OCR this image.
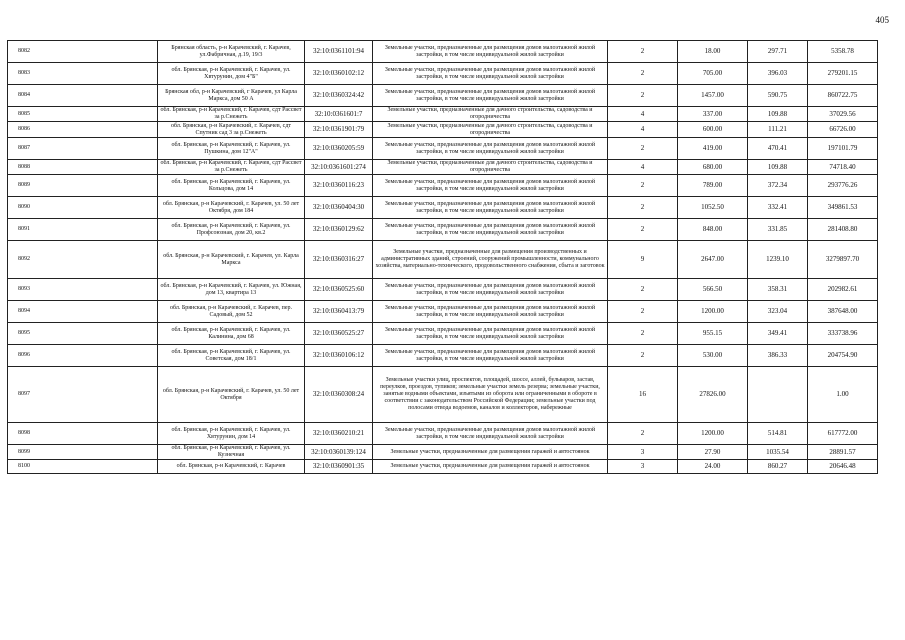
405
8082	Брянская область, р-н Карачевский, г. Карачев, ул.Фабричная, д.19, 19/3	32:10:0361101:94	Земельные участки, предназначенные для размещения домов малоэтажной жилой застройки, в том числе индивидуальной жилой застройки	2	18.00	297.71	5358.78
8083	обл. Брянская, р-н Карачевский, г. Карачев, ул. Хвтурунин, дом 4"Б"	32:10:0360102:12	Земельные участки, предназначенные для размещения домов малоэтажной жилой застройки, в том числе индивидуальной жилой застройки	2	705.00	396.03	279201.15
8084	Брянская обл, р-н Карачевский, г Карачев, ул Карла Маркса, дом 50 А	32:10:0360324:42	Земельные участки, предназначенные для размещения домов малоэтажной жилой застройки, в том числе индивидуальной жилой застройки	2	1457.00	590.75	860722.75
8085	обл. Брянская, р-н Карачевский, г. Карачев, сдт Рассвет за р.Снежеть	32:10:0361601:7	Земельные участки, предназначенные для дачного строительства, садоводства и огородничества	4	337.00	109.88	37029.56
8086	обл. Брянская, р-н Карачевский, г. Карачев, сдт Спутник сад 3 за р.Снежеть	32:10:0361901:79	Земельные участки, предназначенные для дачного строительства, садоводства и огородничества	4	600.00	111.21	66726.00
8087	обл. Брянская, р-н Карачевский, г. Карачев, ул. Пушкина, дом 12"А"	32:10:0360205:59	Земельные участки, предназначенные для размещения домов малоэтажной жилой застройки, в том числе индивидуальной жилой застройки	2	419.00	470.41	197101.79
8088	обл. Брянская, р-н Карачевский, г. Карачев, сдт Рассвет за р.Снежеть	32:10:0361601:274	Земельные участки, предназначенные для дачного строительства, садоводства и огородничества	4	680.00	109.88	74718.40
8089	обл. Брянская, р-н Карачевский, г. Карачев, ул. Кольцова, дом 14	32:10:0360116:23	Земельные участки, предназначенные для размещения домов малоэтажной жилой застройки, в том числе индивидуальной жилой застройки	2	789.00	372.34	293776.26
8090	обл. Брянская, р-н Карачевский, г. Карачев, ул. 50 лет Октября, дом 184	32:10:0360404:30	Земельные участки, предназначенные для размещения домов малоэтажной жилой застройки, в том числе индивидуальной жилой застройки	2	1052.50	332.41	349861.53
8091	обл. Брянская, р-н Карачевский, г. Карачев, ул. Профсоюзная, дом 20, кв.2	32:10:0360129:62	Земельные участки, предназначенные для размещения домов малоэтажной жилой застройки, в том числе индивидуальной жилой застройки	2	848.00	331.85	281408.80
8092	обл. Брянская, р-н Карачевский, г. Карачев, ул. Карла Маркса	32:10:0360316:27	Земельные участки, предназначенные для размещения производственных и административных зданий, строений, сооружений промышленности, коммунального хозяйства, материально-технического, продовольственного снабжения, сбыта и заготовок	9	2647.00	1239.10	3279897.70
8093	обл. Брянская, р-н Карачевский, г. Карачев, ул. Южная, дом 13, квартира 13	32:10:0360525:60	Земельные участки, предназначенные для размещения домов малоэтажной жилой застройки, в том числе индивидуальной жилой застройки	2	566.50	358.31	202982.61
8094	обл. Брянская, р-н Карачевский, г. Карачев, пер. Садовый, дом 52	32:10:0360413:79	Земельные участки, предназначенные для размещения домов малоэтажной жилой застройки, в том числе индивидуальной жилой застройки	2	1200.00	323.04	387648.00
8095	обл. Брянская, р-н Карачевский, г. Карачев, ул. Калинина, дом 68	32:10:0360525:27	Земельные участки, предназначенные для размещения домов малоэтажной жилой застройки, в том числе индивидуальной жилой застройки	2	955.15	349.41	333738.96
8096	обл. Брянская, р-н Карачевский, г. Карачев, ул. Советская, дом 18/1	32:10:0360106:12	Земельные участки, предназначенные для размещения домов малоэтажной жилой застройки, в том числе индивидуальной жилой застройки	2	530.00	386.33	204754.90
8097	обл. Брянская, р-н Карачевский, г. Карачев, ул. 50 лет Октября	32:10:0360308:24	Земельные участки улиц, проспектов, площадей, шоссе, аллей, бульваров, застав, переулков, проездов, тупиков; земельные участки земель резерва; земельные участки, занятые водными объектами, изъятыми из оборота или ограниченными в обороте в соответствии с законодательством Российской Федерации; земельные участки под полосами отвода водоемов, каналов и коллекторов, набережные	16	27826.00		1.00
8098	обл. Брянская, р-н Карачевский, г. Карачев, ул. Хвтурунин, дом 14	32:10:0360210:21	Земельные участки, предназначенные для размещения домов малоэтажной жилой застройки, в том числе индивидуальной жилой застройки	2	1200.00	514.81	617772.00
8099	обл. Брянская, р-н Карачевский, г. Карачев, ул. Кузнечная	32:10:0360139:124	Земельные участки, предназначенные для размещения гаражей и автостоянок	3	27.90	1035.54	28891.57
8100	обл. Брянская, р-н Карачевский, г. Карачев	32:10:0360901:35	Земельные участки, предназначенные для размещения гаражей и автостоянок	3	24.00	860.27	20646.48
